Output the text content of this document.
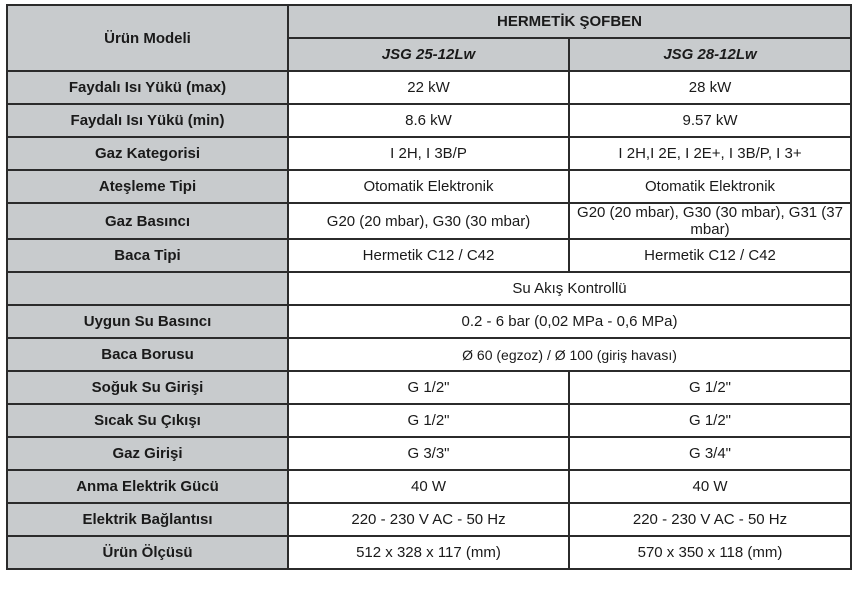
Ürün Modeli	HERMETİK ŞOFBEN	
	JSG 25-12Lw	JSG 28-12Lw
Faydalı Isı Yükü (max)	22 kW	28 kW
Faydalı Isı Yükü (min)	8.6 kW	9.57 kW
Gaz Kategorisi	I 2H, I 3B/P	I 2H,I 2E, I 2E+, I 3B/P, I 3+
Ateşleme Tipi	Otomatik Elektronik	Otomatik Elektronik
Gaz Basıncı	G20 (20 mbar), G30 (30 mbar)	G20 (20 mbar), G30 (30 mbar), G31 (37 mbar)
Baca Tipi	Hermetik C12 / C42	Hermetik C12 / C42
	Su Akış Kontrollü	
Uygun Su Basıncı	0.2 - 6 bar (0,02 MPa - 0,6 MPa)	
Baca Borusu	Ø 60 (egzoz) / Ø 100 (giriş havası)	
Soğuk Su Girişi	G 1/2"	G 1/2"
Sıcak Su Çıkışı	G 1/2"	G 1/2"
Gaz Girişi	G 3/3"	G 3/4"
Anma Elektrik Gücü	40 W	40 W
Elektrik Bağlantısı	220 - 230 V AC - 50 Hz	220 - 230 V AC - 50 Hz
Ürün Ölçüsü	512 x 328 x 117 (mm)	570 x 350 x 118 (mm)
